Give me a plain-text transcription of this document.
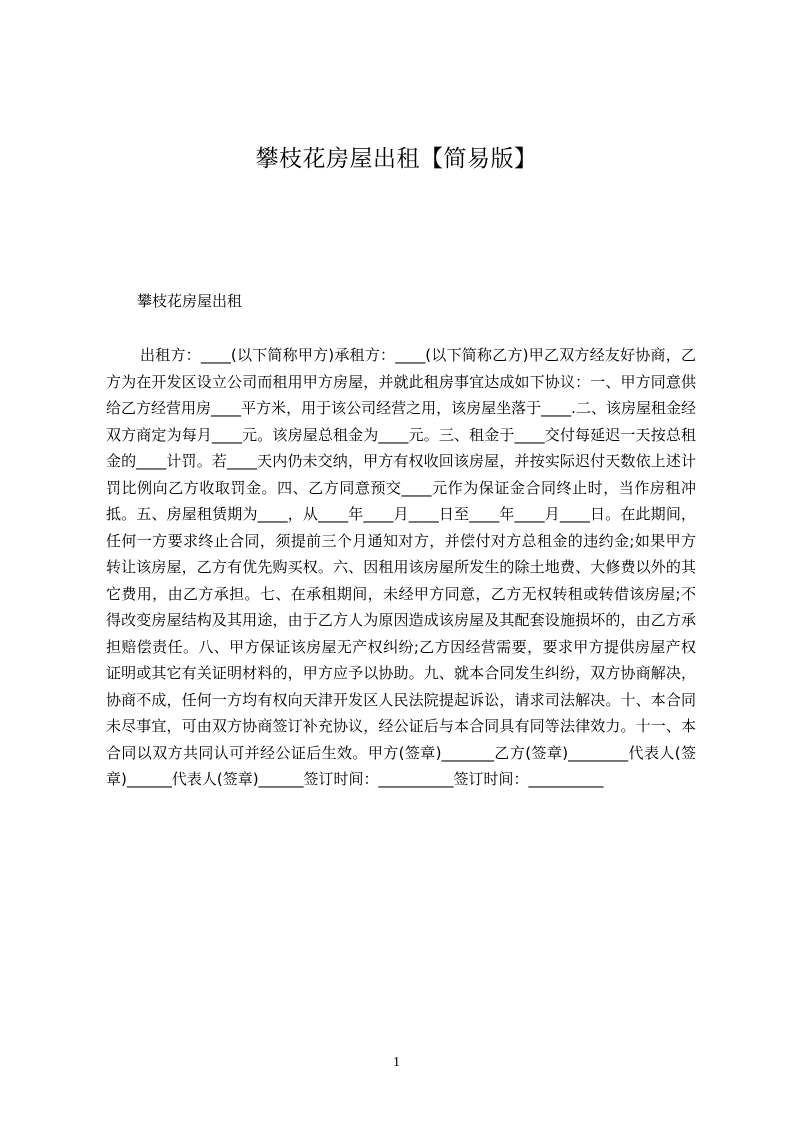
攀枝花房屋出租【简易版】
攀枝花房屋出租

出租方：____(以下简称甲方)承租方：____(以下简称乙方)甲乙双方经友好协商，乙方为在开发区设立公司而租用甲方房屋，并就此租房事宜达成如下协议：一、甲方同意供给乙方经营用房____平方米，用于该公司经营之用，该房屋坐落于____.二、该房屋租金经双方商定为每月____元。该房屋总租金为____元。三、租金于____交付每延迟一天按总租金的____计罚。若____天内仍未交纳，甲方有权收回该房屋，并按实际迟付天数依上述计罚比例向乙方收取罚金。四、乙方同意预交____元作为保证金合同终止时，当作房租冲抵。五、房屋租赁期为____，从____年____月____日至____年____月____日。在此期间，任何一方要求终止合同，须提前三个月通知对方，并偿付对方总租金的违约金;如果甲方转让该房屋，乙方有优先购买权。六、因租用该房屋所发生的除土地费、大修费以外的其它费用，由乙方承担。七、在承租期间，未经甲方同意，乙方无权转租或转借该房屋;不得改变房屋结构及其用途，由于乙方人为原因造成该房屋及其配套设施损坏的，由乙方承担赔偿责任。八、甲方保证该房屋无产权纠纷;乙方因经营需要，要求甲方提供房屋产权证明或其它有关证明材料的，甲方应予以协助。九、就本合同发生纠纷，双方协商解决，协商不成，任何一方均有权向天津开发区人民法院提起诉讼，请求司法解决。十、本合同未尽事宜，可由双方协商签订补充协议，经公证后与本合同具有同等法律效力。十一、本合同以双方共同认可并经公证后生效。甲方(签章)_______乙方(签章)________代表人(签章)______代表人(签章)______签订时间：__________签订时间：__________

1
